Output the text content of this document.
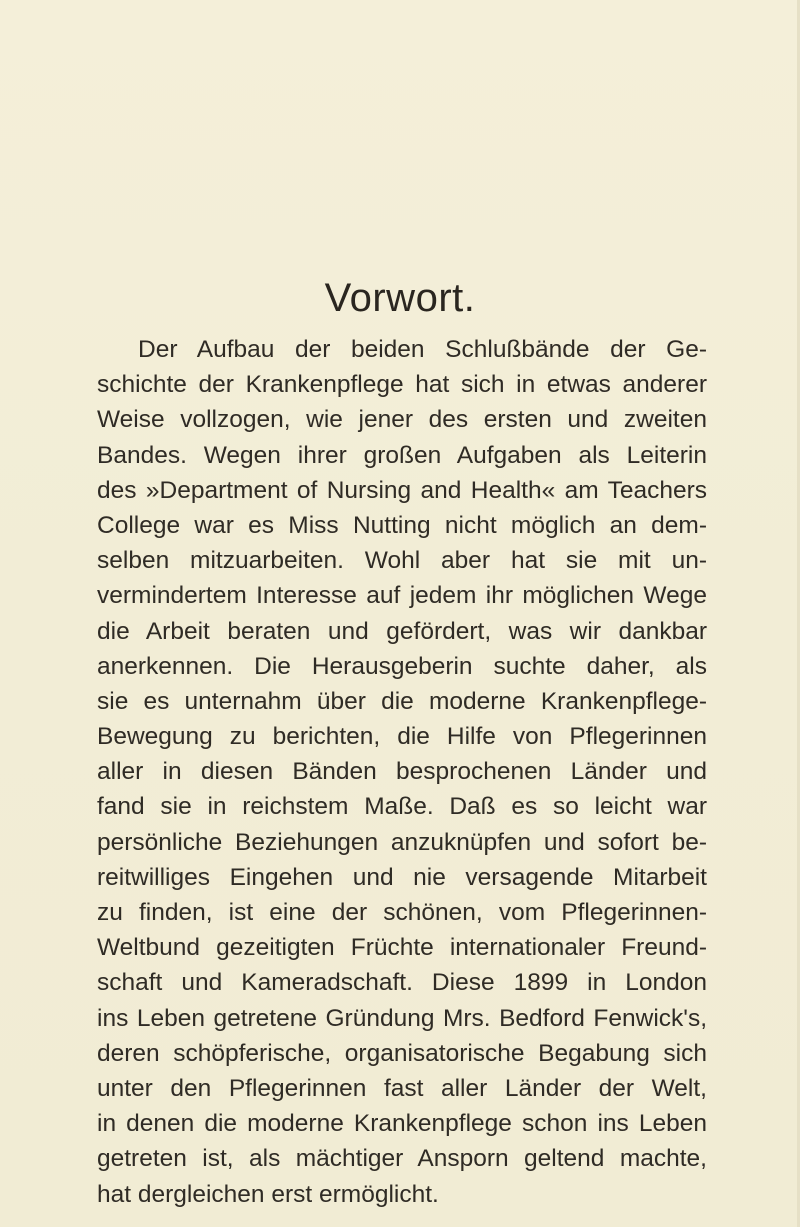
Vorwort.
Der Aufbau der beiden Schlußbände der Ge-
schichte der Krankenpflege hat sich in etwas anderer
Weise vollzogen, wie jener des ersten und zweiten
Bandes. Wegen ihrer großen Aufgaben als Leiterin
des »Department of Nursing and Health« am Teachers
College war es Miss Nutting nicht möglich an dem-
selben mitzuarbeiten. Wohl aber hat sie mit un-
vermindertem Interesse auf jedem ihr möglichen Wege
die Arbeit beraten und gefördert, was wir dankbar
anerkennen. Die Herausgeberin suchte daher, als
sie es unternahm über die moderne Krankenpflege-
Bewegung zu berichten, die Hilfe von Pflegerinnen
aller in diesen Bänden besprochenen Länder und
fand sie in reichstem Maße. Daß es so leicht war
persönliche Beziehungen anzuknüpfen und sofort be-
reitwilliges Eingehen und nie versagende Mitarbeit
zu finden, ist eine der schönen, vom Pflegerinnen-
Weltbund gezeitigten Früchte internationaler Freund-
schaft und Kameradschaft. Diese 1899 in London
ins Leben getretene Gründung Mrs. Bedford Fenwick's,
deren schöpferische, organisatorische Begabung sich
unter den Pflegerinnen fast aller Länder der Welt,
in denen die moderne Krankenpflege schon ins Leben
getreten ist, als mächtiger Ansporn geltend machte,
hat dergleichen erst ermöglicht.
